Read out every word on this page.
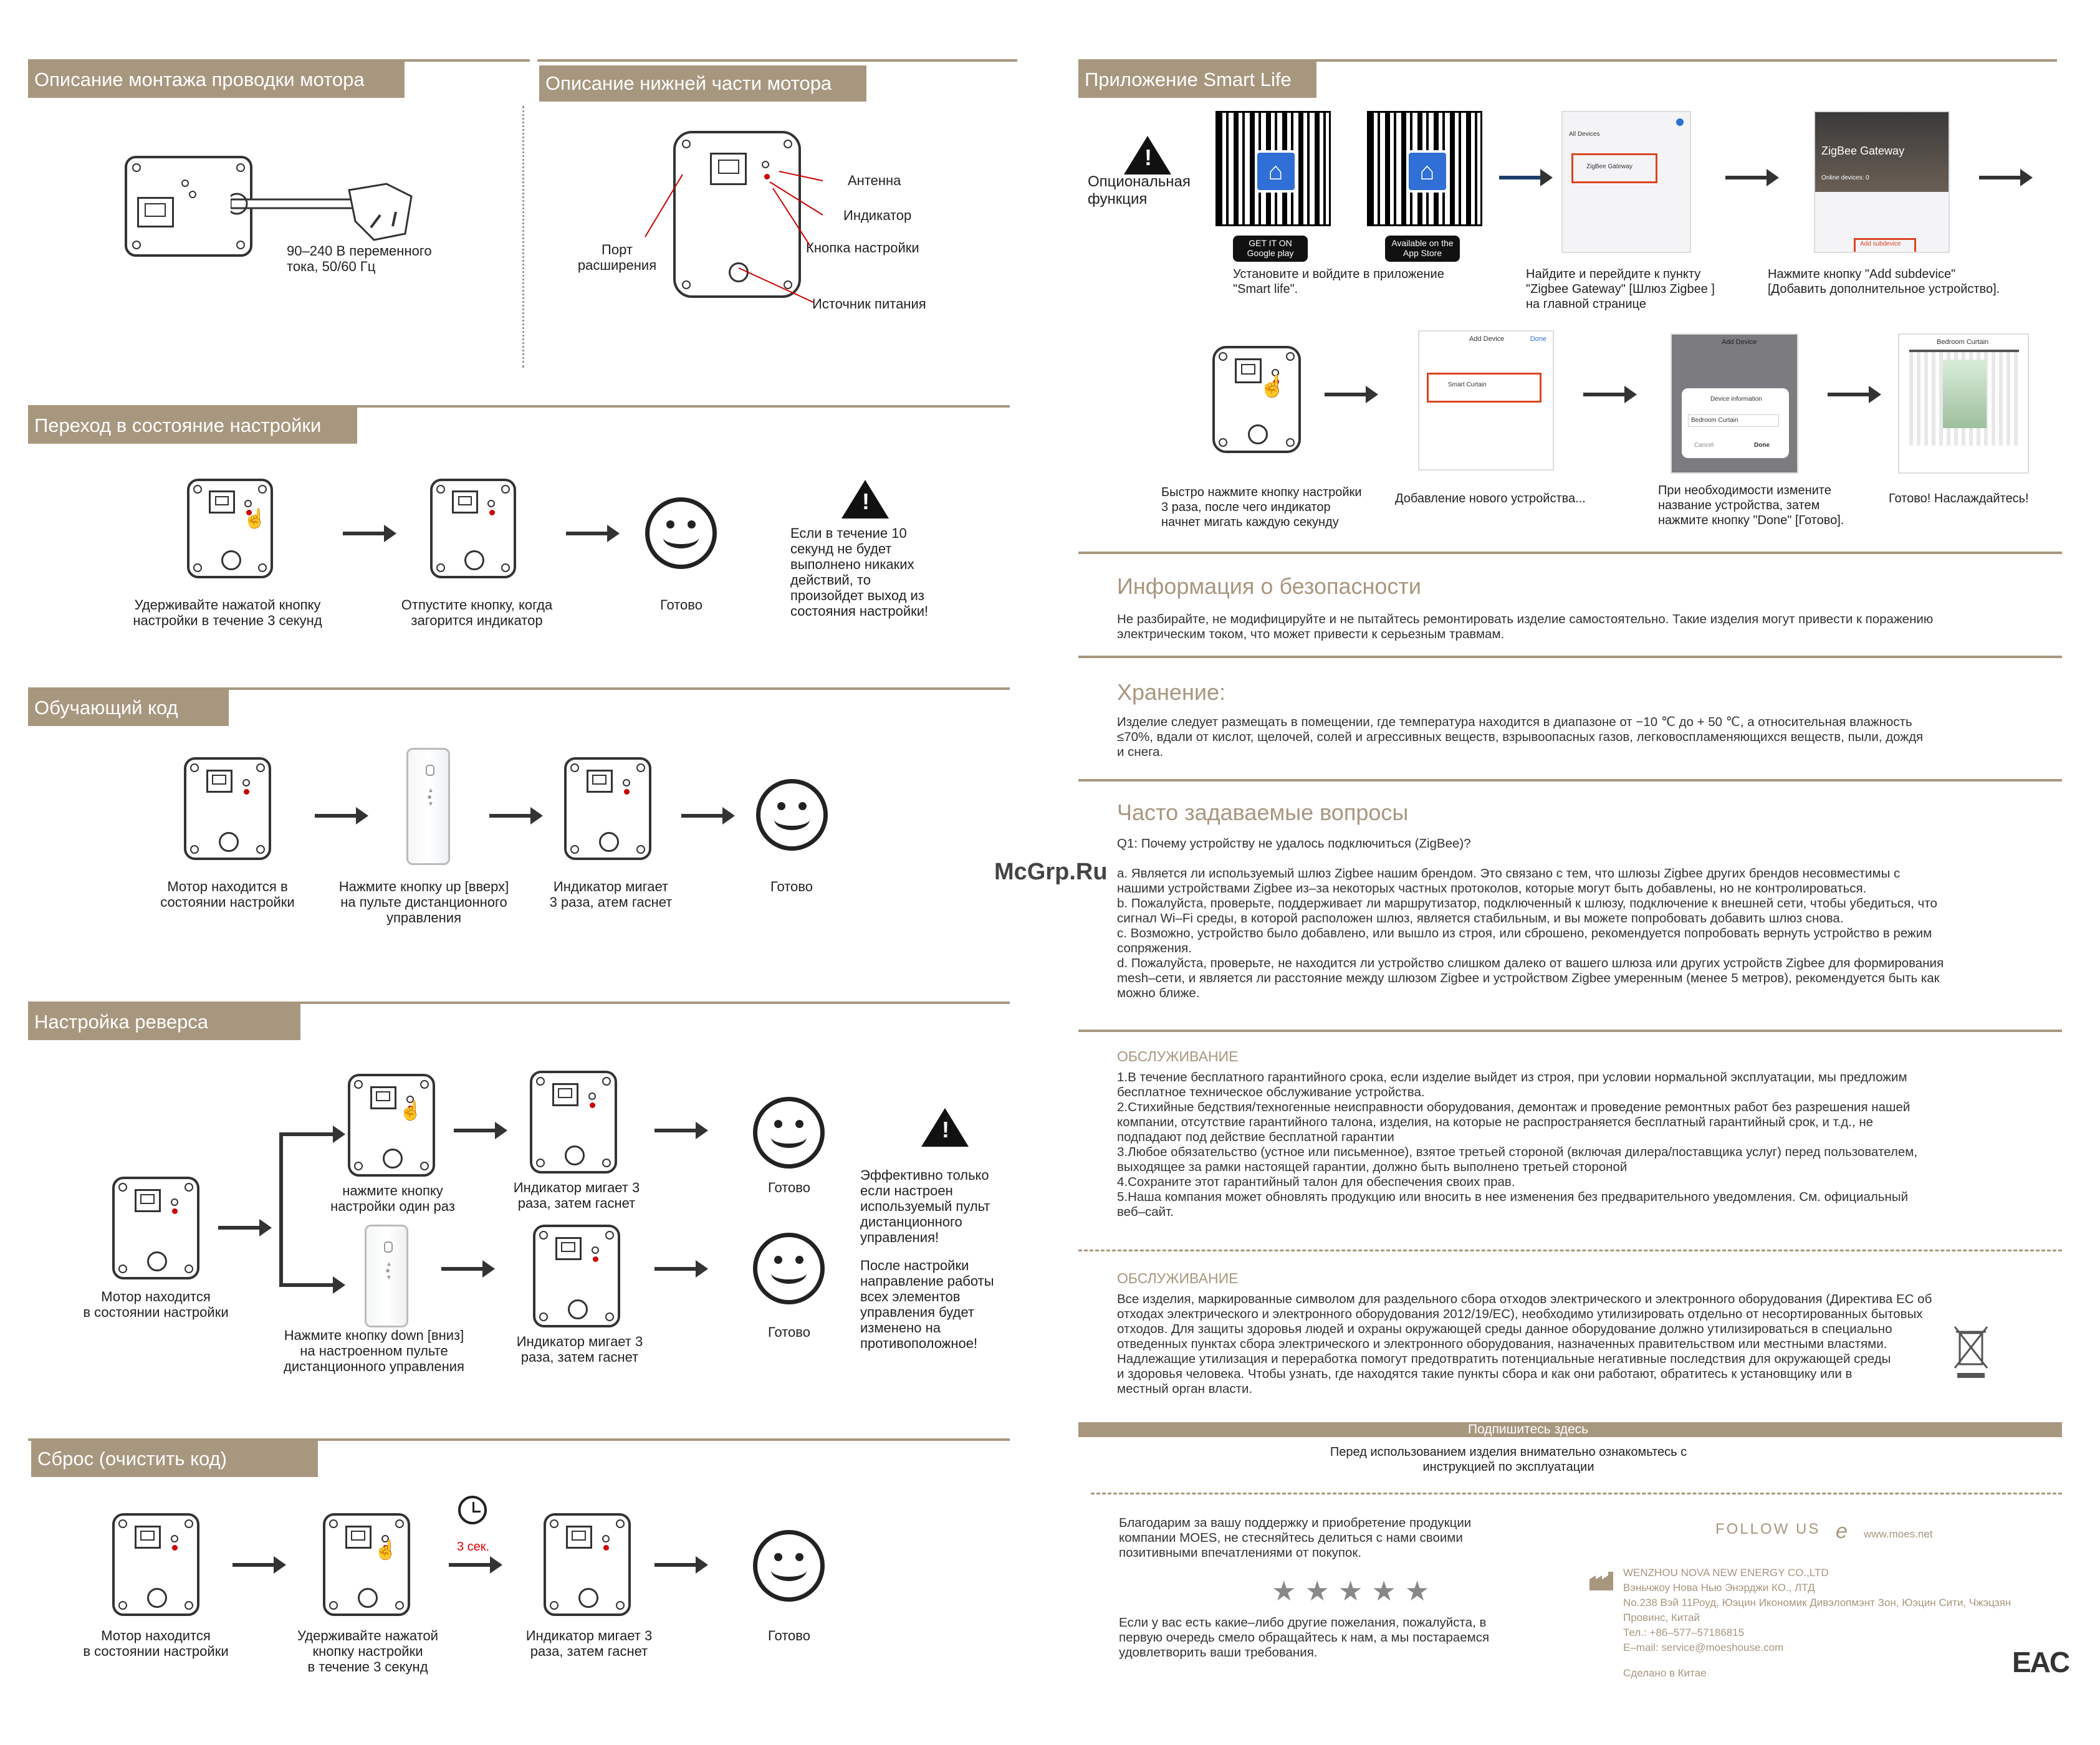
Описание монтажа проводки мотора	Описание нижней части мотора
90–240 В переменного
тока, 50/60 Гц
Антенна
Индикатор
Кнопка настройки
Порт
расширения
Источник питания
Переход в состояние настройки
☝
!
Удерживайте нажатой кнопку
настройки в течение 3 секунд
Отпустите кнопку, когда
загорится индикатор
Готово
Если в течение 10
секунд не будет
выполнено никаких
действий, то
произойдет выход из
состояния настройки!
Обучающий код
▲
■
▼
Мотор находится в
состоянии настройки
Нажмите кнопку up [вверх]
на пульте дистанционного
управления
Индикатор мигает
3 раза, атем гаснет
Готово
Настройка реверса
☝
▲
■
▼
!
Мотор находится
в состоянии настройки
нажмите кнопку
настройки один раз
Индикатор мигает 3
раза, затем гаснет
Готово
Нажмите кнопку down [вниз]
на настроенном пульте
дистанционного управления
Индикатор мигает 3
раза, затем гаснет
Готово
Эффективно только
если настроен
используемый пульт
дистанционного
управления!
После настройки
направление работы
всех элементов
управления будет
изменено на
противоположное!
Сброс (очистить код)
☝	3 сек.
Мотор находится
в состоянии настройки
Удерживайте нажатой
кнопку настройки
в течение 3 секунд
Индикатор мигает 3
раза, затем гаснет
Готово
Приложение Smart Life
!
Опциональная
функция
⌂	⌂
GET IT ON
Google play
Available on the
App Store
Установите и войдите в приложение
"Smart life".
All Devices
ZigBee Gateway
ZigBee Gateway
Online devices: 0
Add subdevice
Найдите и перейдите к пункту
"Zigbee Gateway" [Шлюз Zigbee ]
на главной странице
Нажмите кнопку "Add subdevice"
[Добавить дополнительное устройство].
☝
Add Device	Done
Smart Curtain
Add Device
Device information
Bedroom Curtain
Cancel	Done
Bedroom Curtain
Быстро нажмите кнопку настройки
3 раза, после чего индикатор
начнет мигать каждую секунду
Добавление нового устройства...
При необходимости измените
название устройства, затем
нажмите кнопку "Done" [Готово].
Готово! Наслаждайтесь!
Информация о безопасности
Не разбирайте, не модифицируйте и не пытайтесь ремонтировать изделие самостоятельно. Такие изделия могут привести к поражению
электрическим током, что может привести к серьезным травмам.
Хранение:
Изделие следует размещать в помещении, где температура находится в диапазоне от −10 ℃ до + 50 ℃, а относительная влажность
≤70%, вдали от кислот, щелочей, солей и агрессивных веществ, взрывоопасных газов, легковоспламеняющихся веществ, пыли, дождя
и снега.
Часто задаваемые вопросы
Q1: Почему устройству не удалось подключиться (ZigBee)?
McGrp.Ru a. Является ли используемый шлюз Zigbee нашим брендом. Это связано с тем, что шлюзы Zigbee других брендов несовместимы с
нашими устройствами Zigbee из–за некоторых частных протоколов, которые могут быть добавлены, но не контролироваться.
b. Пожалуйста, проверьте, поддерживает ли маршрутизатор, подключенный к шлюзу, подключение к внешней сети, чтобы убедиться, что
сигнал Wi–Fi среды, в которой расположен шлюз, является стабильным, и вы можете попробовать добавить шлюз снова.
c. Возможно, устройство было добавлено, или вышло из строя, или сброшено, рекомендуется попробовать вернуть устройство в режим
сопряжения.
d. Пожалуйста, проверьте, не находится ли устройство слишком далеко от вашего шлюза или других устройств Zigbee для формирования
mesh–сети, и является ли расстояние между шлюзом Zigbee и устройством Zigbee умеренным (менее 5 метров), рекомендуется быть как
можно ближе.
ОБСЛУЖИВАНИЕ
1.В течение бесплатного гарантийного срока, если изделие выйдет из строя, при условии нормальной эксплуатации, мы предложим
бесплатное техническое обслуживание устройства.
2.Стихийные бедствия/техногенные неисправности оборудования, демонтаж и проведение ремонтных работ без разрешения нашей
компании, отсутствие гарантийного талона, изделия, на которые не распространяется бесплатный гарантийный срок, и т.д., не
подпадают под действие бесплатной гарантии
3.Любое обязательство (устное или письменное), взятое третьей стороной (включая дилера/поставщика услуг) перед пользователем,
выходящее за рамки настоящей гарантии, должно быть выполнено третьей стороной
4.Сохраните этот гарантийный талон для обеспечения своих прав.
5.Наша компания может обновлять продукцию или вносить в нее изменения без предварительного уведомления. См. официальный
веб–сайт.
ОБСЛУЖИВАНИЕ
Все изделия, маркированные символом для раздельного сбора отходов электрического и электронного оборудования (Директива ЕС об
отходах электрического и электронного оборудования 2012/19/EC), необходимо утилизировать отдельно от несортированных бытовых
отходов. Для защиты здоровья людей и охраны окружающей среды данное оборудование должно утилизироваться в специально
отведенных пунктах сбора электрического и электронного оборудования, назначенных правительством или местными властями.
Надлежащие утилизация и переработка помогут предотвратить потенциальные негативные последствия для окружающей среды
и здоровья человека. Чтобы узнать, где находятся такие пункты сбора и как они работают, обратитесь к установщику или в
местный орган власти.
Подпишитесь здесь
Перед использованием изделия внимательно ознакомьтесь с
инструкцией по эксплуатации
Благодарим за вашу поддержку и приобретение продукции
компании MOES, не стесняйтесь делиться с нами своими
позитивными впечатлениями от покупок.
★ ★ ★ ★ ★
Если у вас есть какие–либо другие пожелания, пожалуйста, в
первую очередь смело обращайтесь к нам, а мы постараемся
удовлетворить ваши требования.
FOLLOW US e www.moes.net
WENZHOU NOVA NEW ENERGY CO.,LTD
Вэньчжоу Нова Нью Энэрджи КО., ЛТД
No.238 Вэй 11Роуд, Юэцин Икономик Дивэлопмэнт Зон, Юэцин Сити, Чжэцзян
Провинс, Китай
Тел.: +86–577–57186815
E–mail: service@moeshouse.com
Сделано в Китае	EAC
